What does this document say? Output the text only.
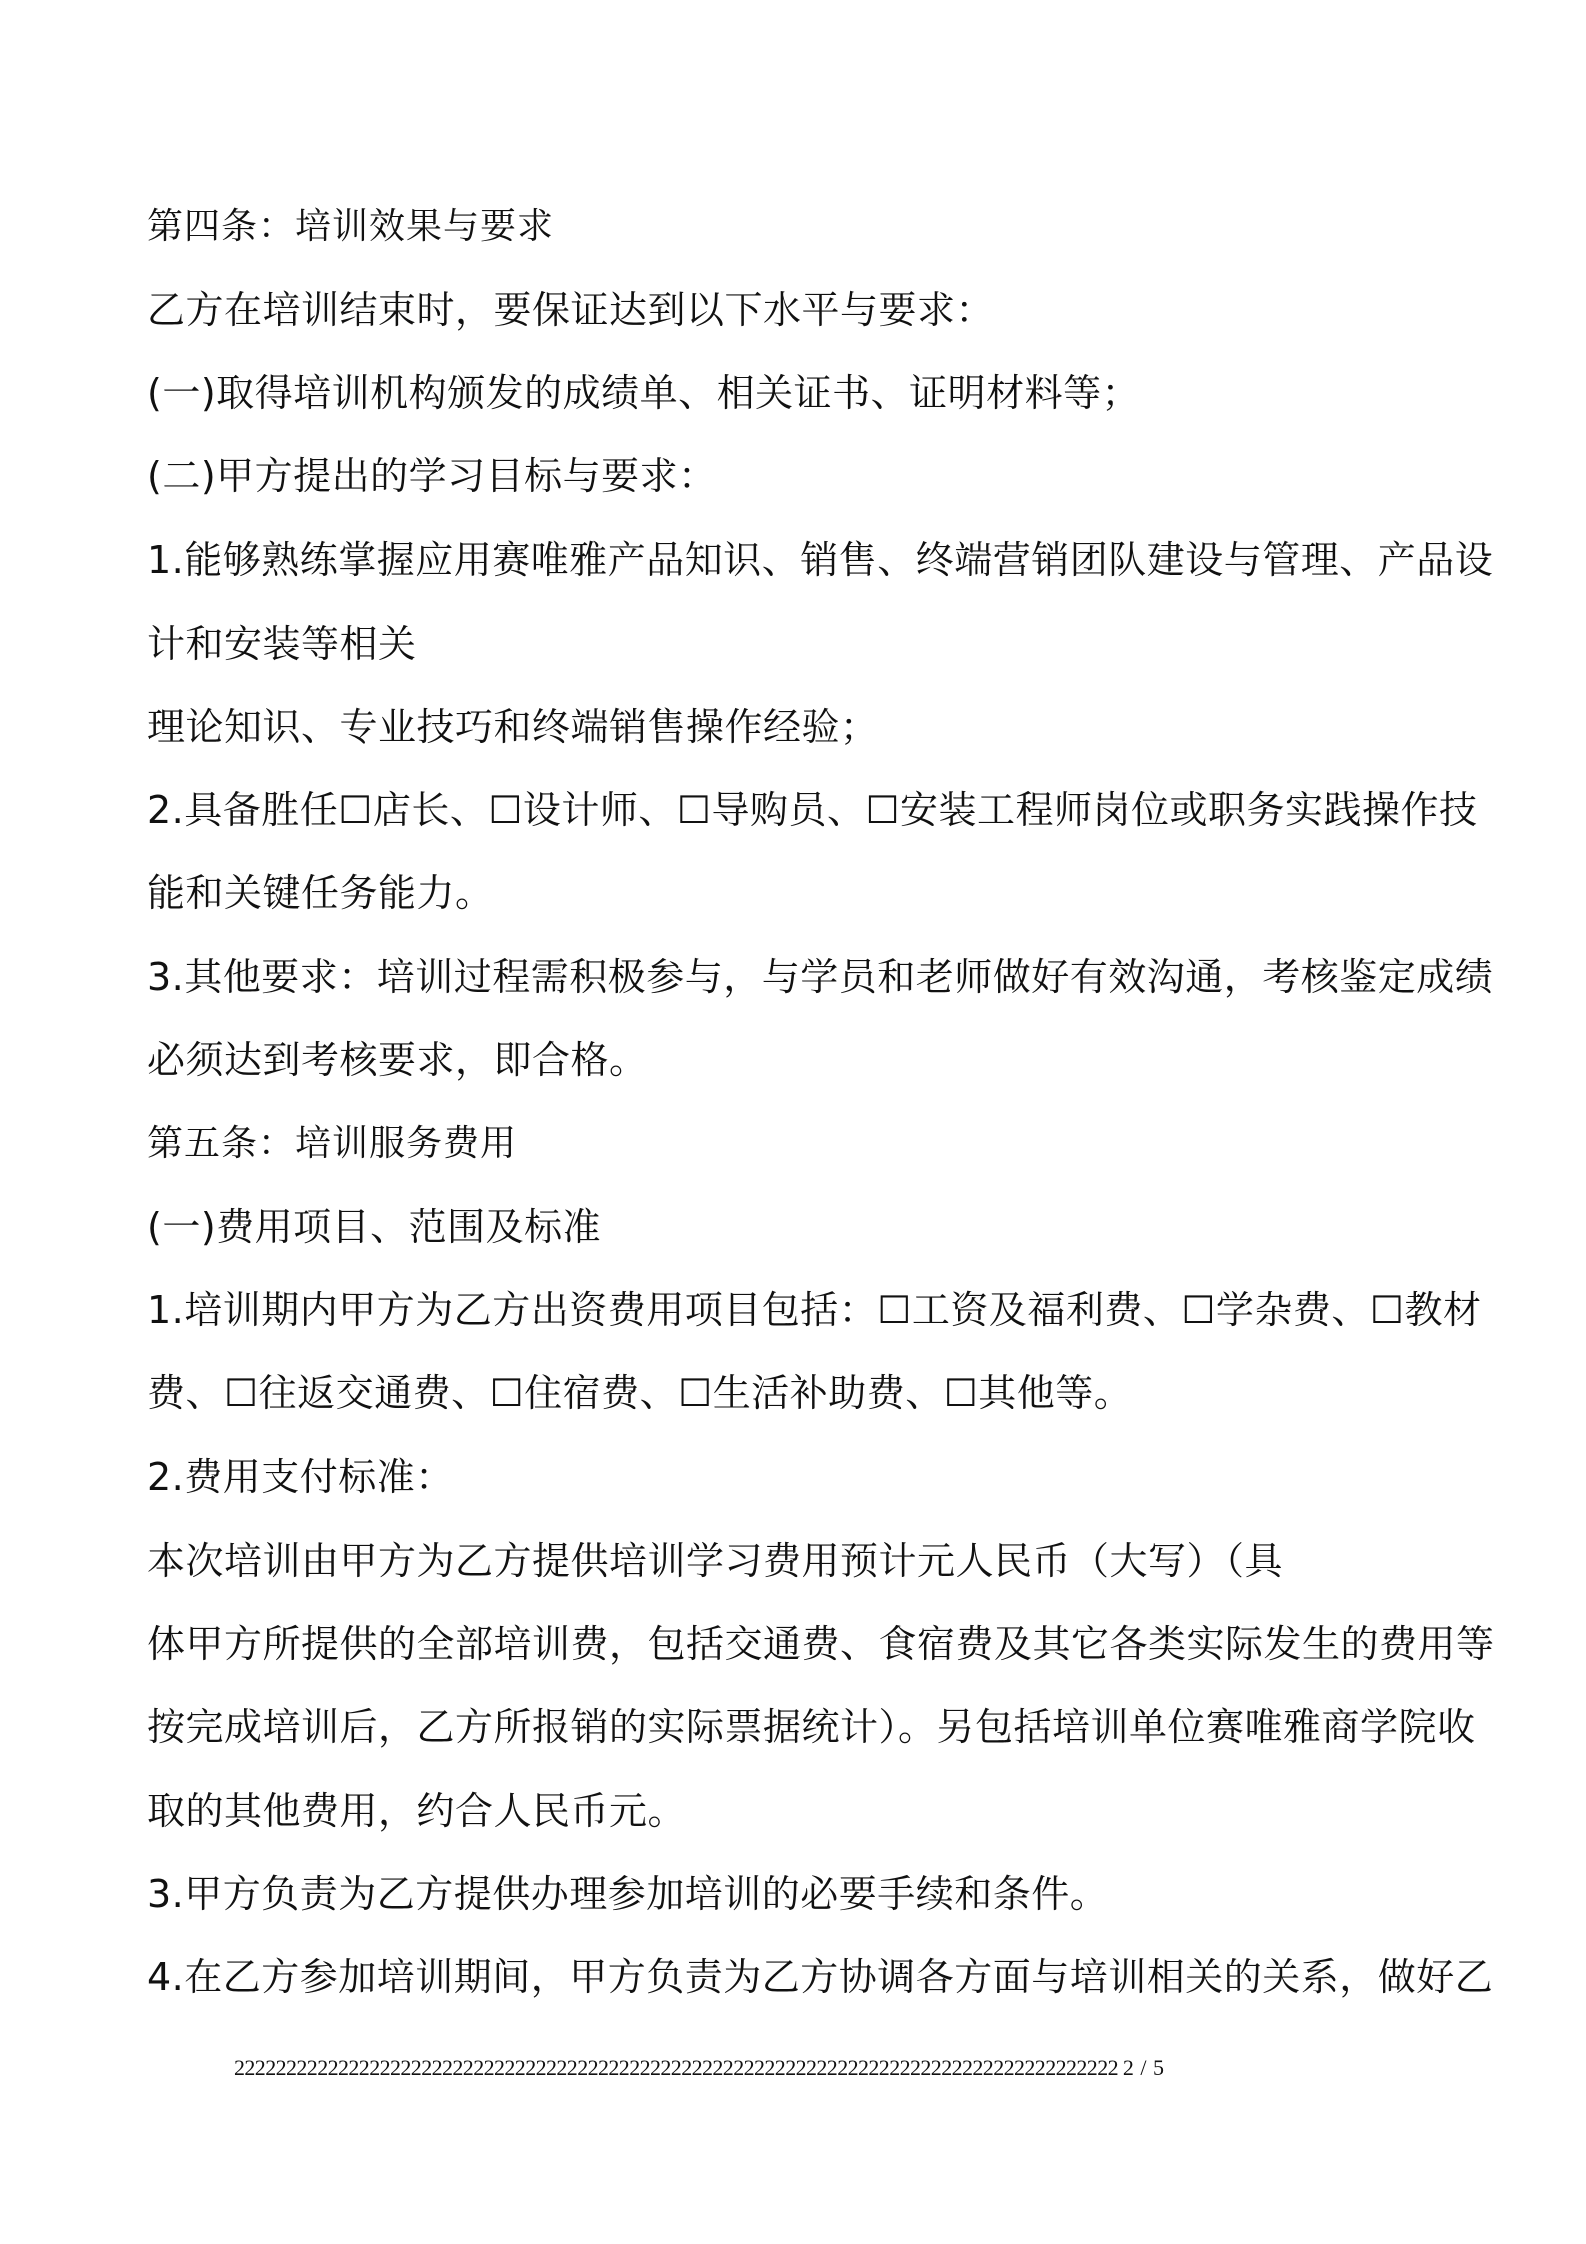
第四条：培训效果与要求
乙方在培训结束时，要保证达到以下水平与要求：
(一)取得培训机构颁发的成绩单、相关证书、证明材料等；
(二)甲方提出的学习目标与要求：
1.能够熟练掌握应用赛唯雅产品知识、销售、终端营销团队建设与管理、产品设
计和安装等相关
理论知识、专业技巧和终端销售操作经验；
2.具备胜任☐店长、☐设计师、☐导购员、☐安装工程师岗位或职务实践操作技
能和关键任务能力。
3.其他要求：培训过程需积极参与，与学员和老师做好有效沟通，考核鉴定成绩
必须达到考核要求，即合格。
第五条：培训服务费用
(一)费用项目、范围及标准
1.培训期内甲方为乙方出资费用项目包括：☐工资及福利费、☐学杂费、☐教材
费、☐往返交通费、☐住宿费、☐生活补助费、☐其他等。
2.费用支付标准：
本次培训由甲方为乙方提供培训学习费用预计元人民币（大写）（具
体甲方所提供的全部培训费，包括交通费、食宿费及其它各类实际发生的费用等
按完成培训后，乙方所报销的实际票据统计）。另包括培训单位赛唯雅商学院收
取的其他费用，约合人民币元。
3.甲方负责为乙方提供办理参加培训的必要手续和条件。
4.在乙方参加培训期间，甲方负责为乙方协调各方面与培训相关的关系，做好乙
2222222222222222222222222222222222222222222222222222222222222222222222222222222222222 2 / 5
